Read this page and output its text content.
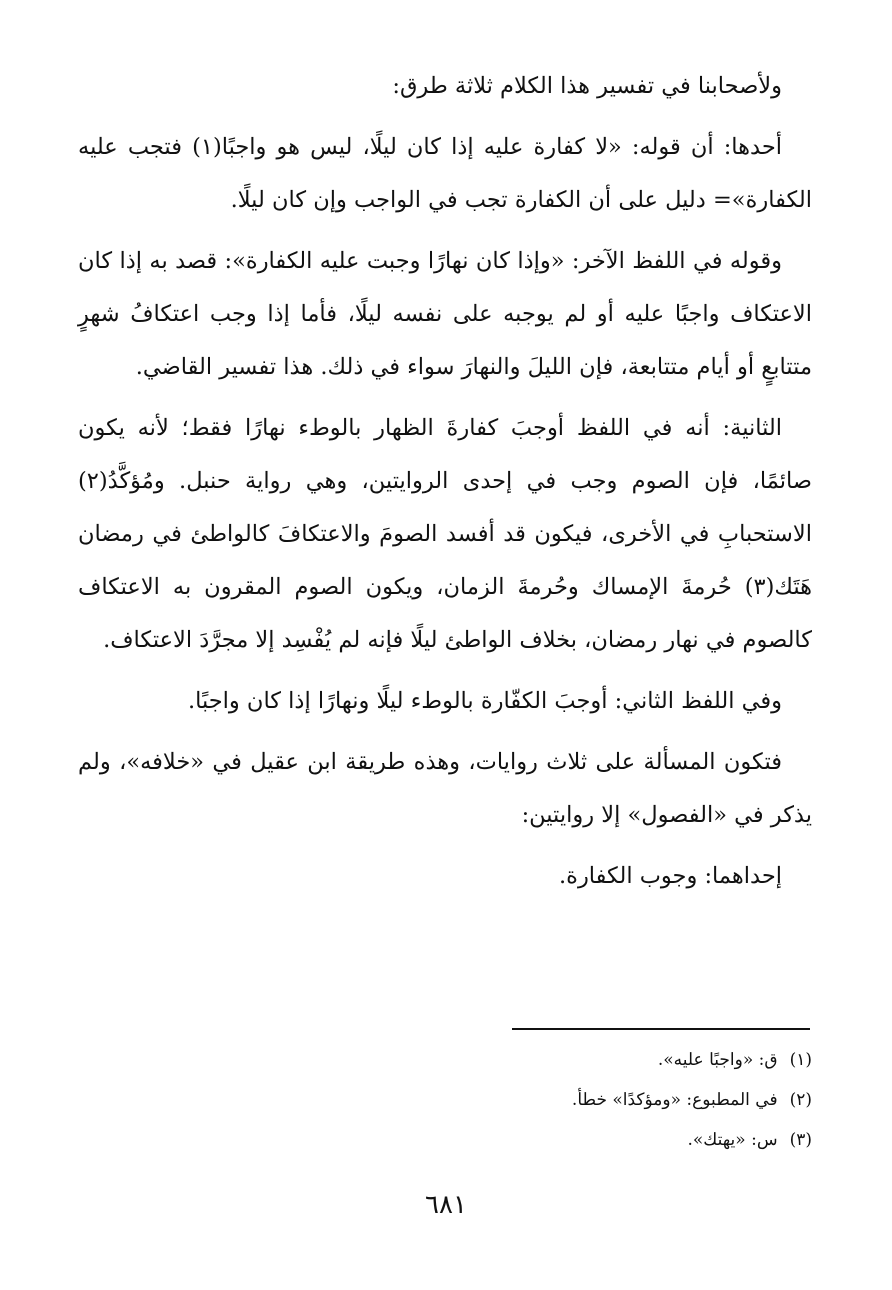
ولأصحابنا في تفسير هذا الكلام ثلاثة طرق:

أحدها: أن قوله: «لا كفارة عليه إذا كان ليلًا، ليس هو واجبًا(١) فتجب عليه الكفارة»= دليل على أن الكفارة تجب في الواجب وإن كان ليلًا.

وقوله في اللفظ الآخر: «وإذا كان نهارًا وجبت عليه الكفارة»: قصد به إذا كان الاعتكاف واجبًا عليه أو لم يوجبه على نفسه ليلًا، فأما إذا وجب اعتكافُ شهرٍ متتابعٍ أو أيام متتابعة، فإن الليلَ والنهارَ سواء في ذلك. هذا تفسير القاضي.

الثانية: أنه في اللفظ أوجبَ كفارةَ الظهار بالوطء نهارًا فقط؛ لأنه يكون صائمًا، فإن الصوم وجب في إحدى الروايتين، وهي رواية حنبل. ومُؤكَّدُ(٢) الاستحبابِ في الأخرى، فيكون قد أفسد الصومَ والاعتكافَ كالواطئ في رمضان هَتَك(٣) حُرمةَ الإمساك وحُرمةَ الزمان، ويكون الصوم المقرون به الاعتكاف كالصوم في نهار رمضان، بخلاف الواطئ ليلًا فإنه لم يُفْسِد إلا مجرَّدَ الاعتكاف.

وفي اللفظ الثاني: أوجبَ الكفّارة بالوطء ليلًا ونهارًا إذا كان واجبًا.

فتكون المسألة على ثلاث روايات، وهذه طريقة ابن عقيل في «خلافه»، ولم يذكر في «الفصول» إلا روايتين:

إحداهما: وجوب الكفارة.

(١)ق: «واجبًا عليه».
(٢)في المطبوع: «ومؤكدًا» خطأ.
(٣)س: «يهتك».
٦٨١
